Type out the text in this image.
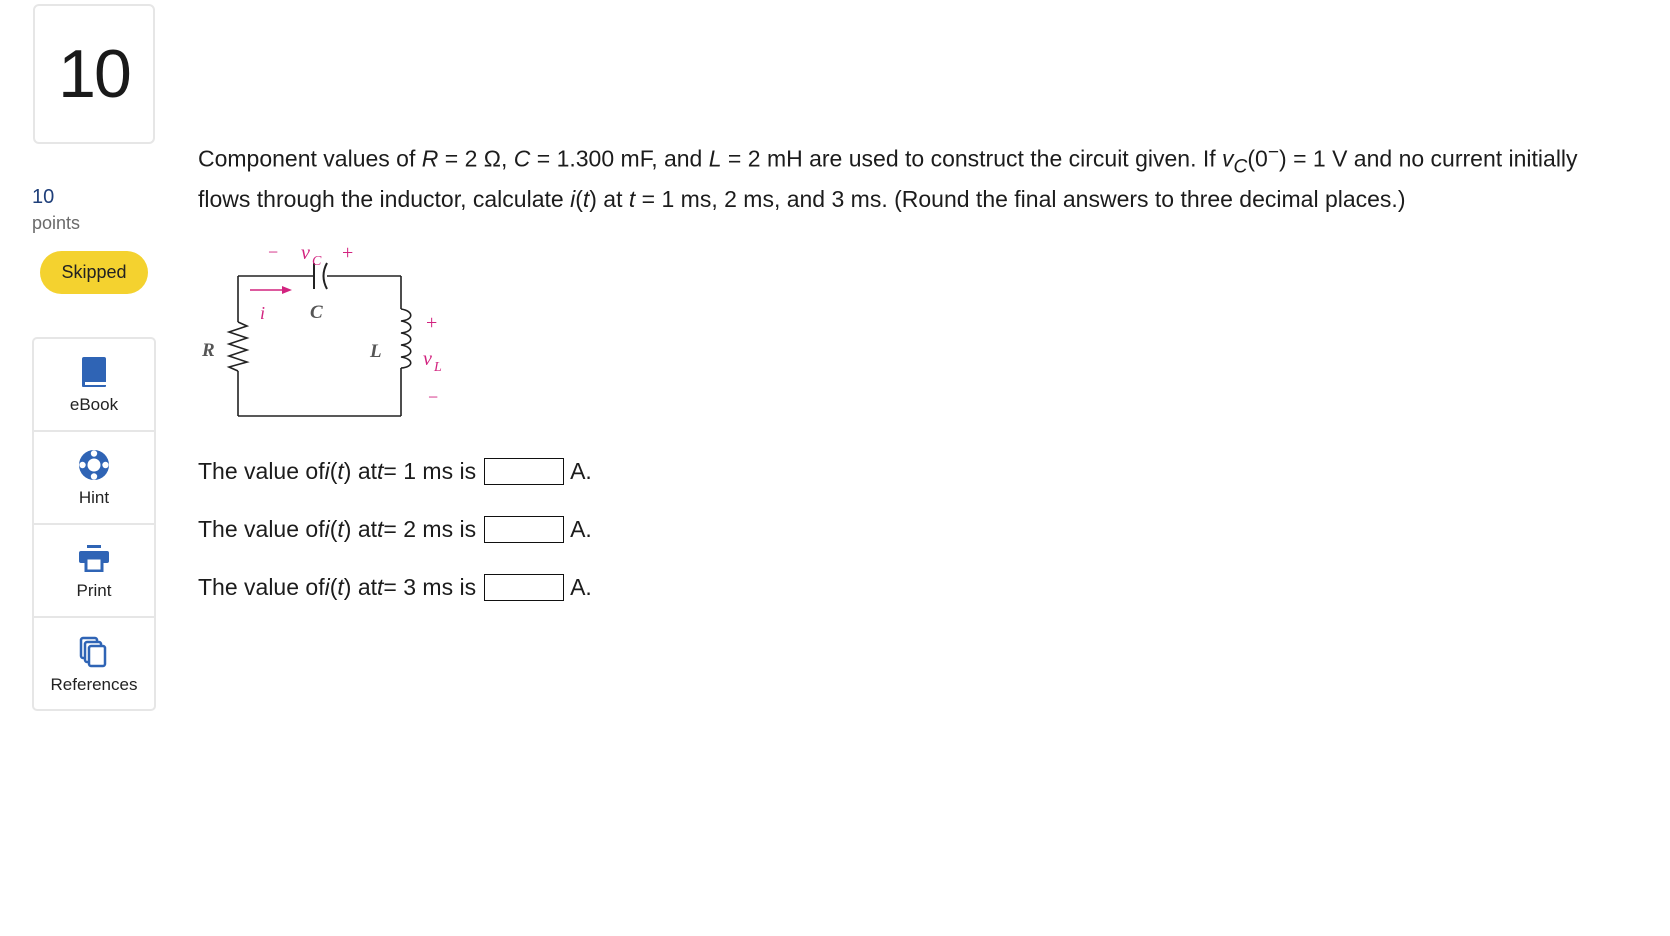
10
10
points
Skipped
eBook
Hint
Print
References
Component values of R = 2 Ω, C = 1.300 mF, and L = 2 mH are used to construct the circuit given. If $v_C(0^-) = 1$ V and no current initially flows through the inductor, calculate i(t) at t = 1 ms, 2 ms, and 3 ms. (Round the final answers to three decimal places.)
− v C +
i C
R	L
+
v L
−
The value of i ( t ) at t = 1 ms is	A.
The value of i ( t ) at t = 2 ms is	A.
The value of i ( t ) at t = 3 ms is	A.
